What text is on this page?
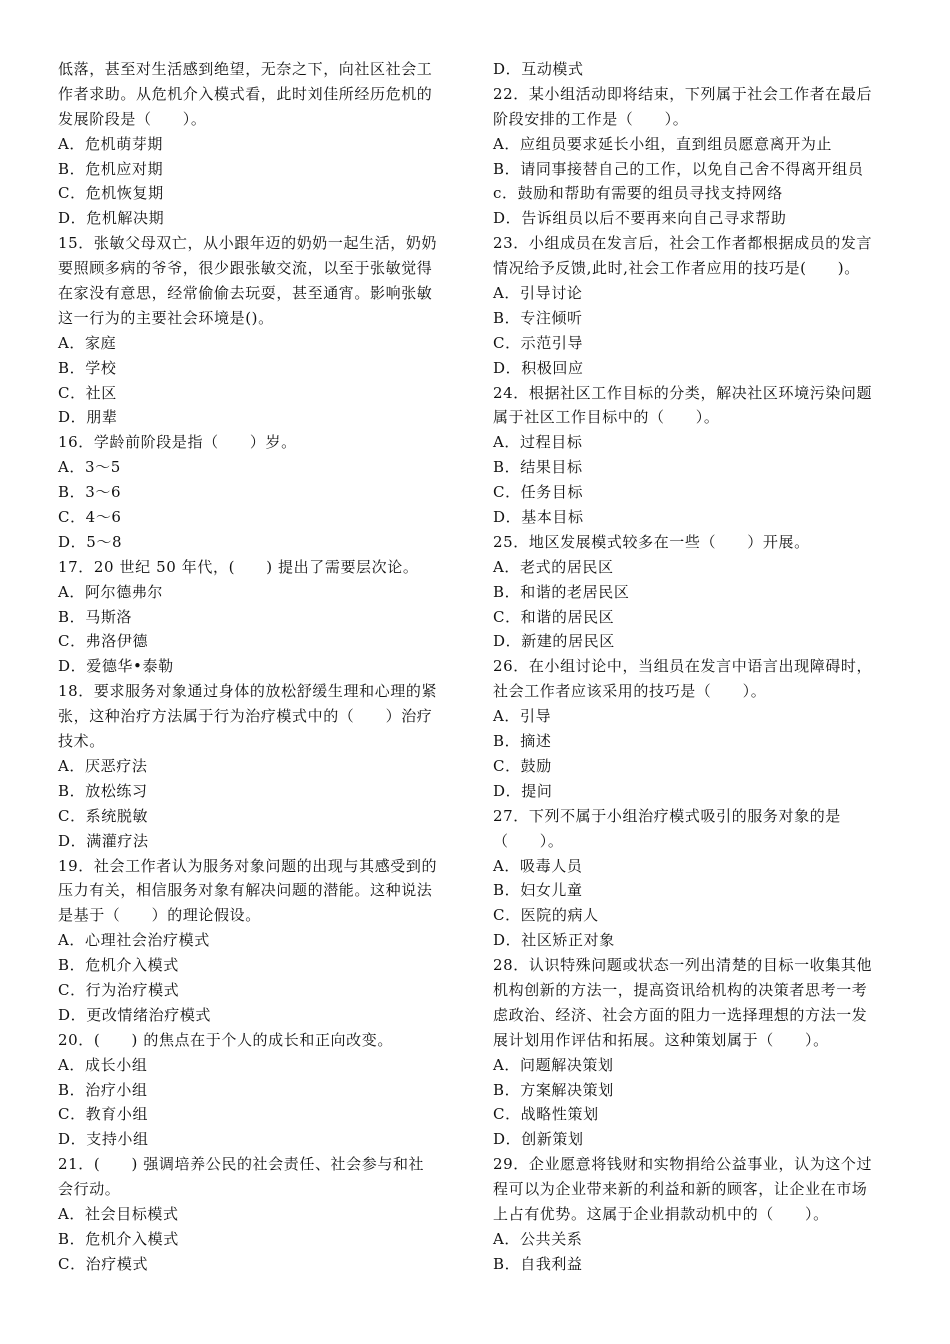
低落，甚至对生活感到绝望，无奈之下，向社区社会工
作者求助。从危机介入模式看，此时刘佳所经历危机的
发展阶段是（　　）。
A．危机萌芽期
B．危机应对期
C．危机恢复期
D．危机解决期
15．张敏父母双亡，从小跟年迈的奶奶一起生活，奶奶
要照顾多病的爷爷，很少跟张敏交流，以至于张敏觉得
在家没有意思，经常偷偷去玩耍，甚至通宵。影响张敏
这一行为的主要社会环境是()。
A．家庭
B．学校
C．社区
D．朋辈
16．学龄前阶段是指（　　）岁。
A．3～5
B．3～6
C．4～6
D．5～8
17．20 世纪 50 年代，(　　) 提出了需要层次论。
A．阿尔德弗尔
B．马斯洛
C．弗洛伊德
D．爱德华•泰勒
18．要求服务对象通过身体的放松舒缓生理和心理的紧
张，这种治疗方法属于行为治疗模式中的（　　）治疗
技术。
A．厌恶疗法
B．放松练习
C．系统脱敏
D．满灌疗法
19．社会工作者认为服务对象问题的出现与其感受到的
压力有关，相信服务对象有解决问题的潜能。这种说法
是基于（　　）的理论假设。
A．心理社会治疗模式
B．危机介入模式
C．行为治疗模式
D．更改情绪治疗模式
20．(　　) 的焦点在于个人的成长和正向改变。
A．成长小组
B．治疗小组
C．教育小组
D．支持小组
21．(　　) 强调培养公民的社会责任、社会参与和社
会行动。
A．社会目标模式
B．危机介入模式
C．治疗模式
D．互动模式
22．某小组活动即将结束，下列属于社会工作者在最后
阶段安排的工作是（　　）。
A．应组员要求延长小组，直到组员愿意离开为止
B．请同事接替自己的工作，以免自己舍不得离开组员
c．鼓励和帮助有需要的组员寻找支持网络
D．告诉组员以后不要再来向自己寻求帮助
23．小组成员在发言后，社会工作者都根据成员的发言
情况给予反馈,此时,社会工作者应用的技巧是(　　)。
A．引导讨论
B．专注倾听
C．示范引导
D．积极回应
24．根据社区工作目标的分类，解决社区环境污染问题
属于社区工作目标中的（　　）。
A．过程目标
B．结果目标
C．任务目标
D．基本目标
25．地区发展模式较多在一些（　　）开展。
A．老式的居民区
B．和谐的老居民区
C．和谐的居民区
D．新建的居民区
26．在小组讨论中，当组员在发言中语言出现障碍时，
社会工作者应该采用的技巧是（　　）。
A．引导
B．摘述
C．鼓励
D．提问
27．下列不属于小组治疗模式吸引的服务对象的是
（　　）。
A．吸毒人员
B．妇女儿童
C．医院的病人
D．社区矫正对象
28．认识特殊问题或状态一列出清楚的目标一收集其他
机构创新的方法一，提高资讯给机构的决策者思考一考
虑政治、经济、社会方面的阻力一选择理想的方法一发
展计划用作评估和拓展。这种策划属于（　　）。
A．问题解决策划
B．方案解决策划
C．战略性策划
D．创新策划
29．企业愿意将钱财和实物捐给公益事业，认为这个过
程可以为企业带来新的利益和新的顾客，让企业在市场
上占有优势。这属于企业捐款动机中的（　　）。
A．公共关系
B．自我利益
